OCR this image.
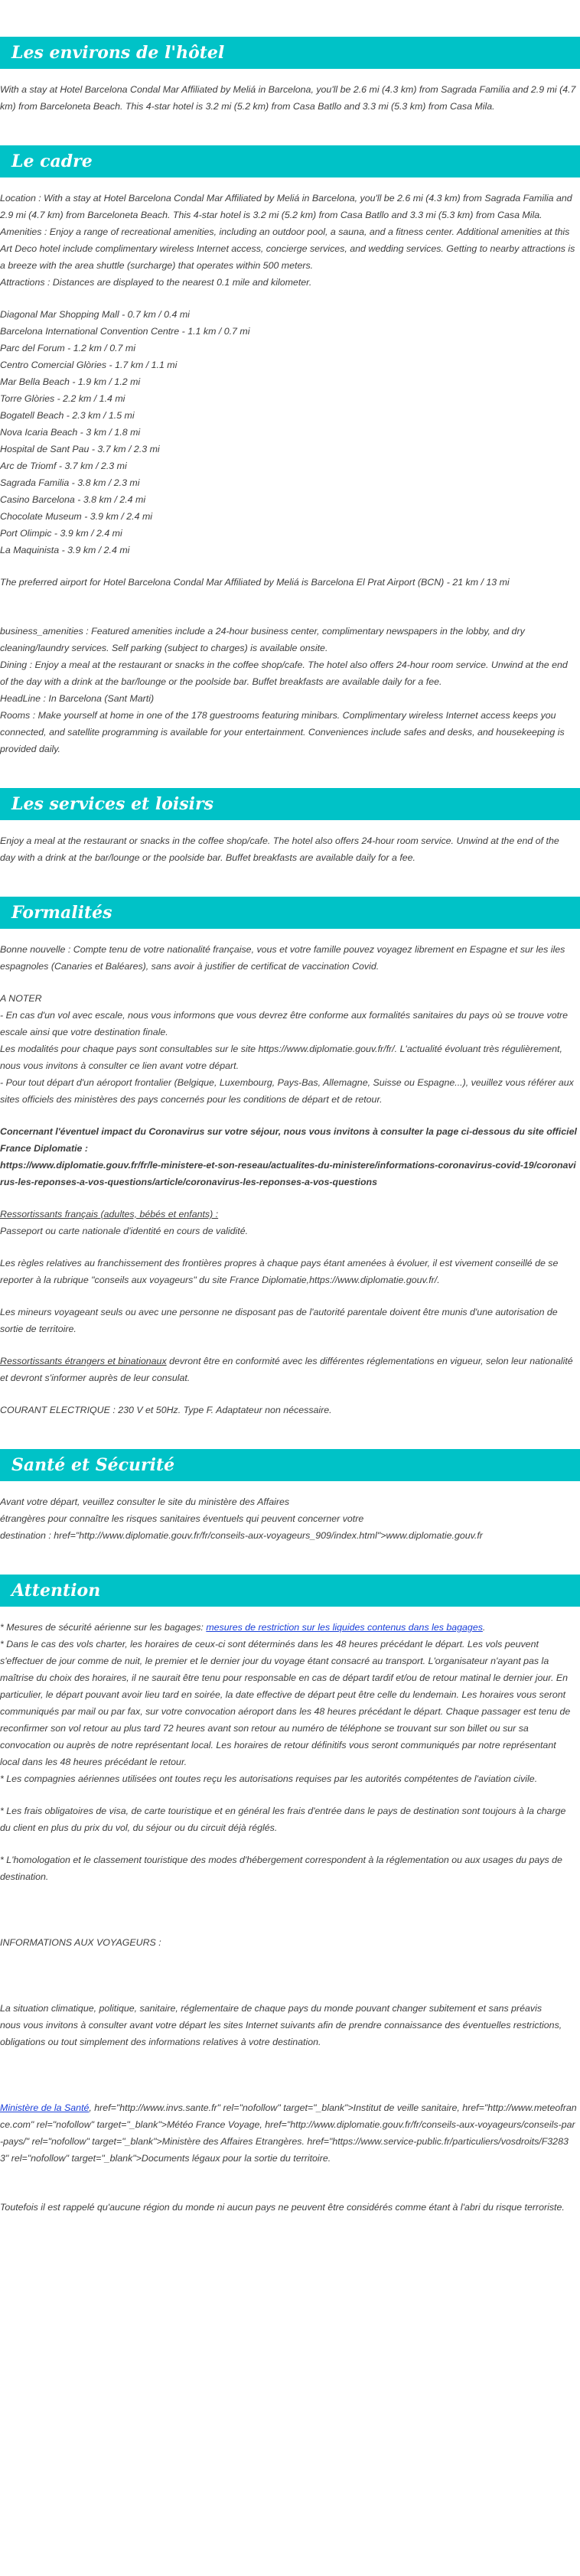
Les environs de l'hôtel

With a stay at Hotel Barcelona Condal Mar Affiliated by Meliá in Barcelona, you'll be 2.6 mi (4.3 km) from Sagrada Familia and 2.9 mi (4.7 km) from Barceloneta Beach. This 4-star hotel is 3.2 mi (5.2 km) from Casa Batllo and 3.3 mi (5.3 km) from Casa Mila.

Le cadre

Location : With a stay at Hotel Barcelona Condal Mar Affiliated by Meliá in Barcelona, you'll be 2.6 mi (4.3 km) from Sagrada Familia and 2.9 mi (4.7 km) from Barceloneta Beach. This 4-star hotel is 3.2 mi (5.2 km) from Casa Batllo and 3.3 mi (5.3 km) from Casa Mila.

Amenities : Enjoy a range of recreational amenities, including an outdoor pool, a sauna, and a fitness center. Additional amenities at this Art Deco hotel include complimentary wireless Internet access, concierge services, and wedding services. Getting to nearby attractions is a breeze with the area shuttle (surcharge) that operates within 500 meters.

Attractions : Distances are displayed to the nearest 0.1 mile and kilometer.

Diagonal Mar Shopping Mall - 0.7 km / 0.4 mi
Barcelona International Convention Centre - 1.1 km / 0.7 mi
Parc del Forum - 1.2 km / 0.7 mi
Centro Comercial Glòries - 1.7 km / 1.1 mi
Mar Bella Beach - 1.9 km / 1.2 mi
Torre Glòries - 2.2 km / 1.4 mi
Bogatell Beach - 2.3 km / 1.5 mi
Nova Icaria Beach - 3 km / 1.8 mi
Hospital de Sant Pau - 3.7 km / 2.3 mi
Arc de Triomf - 3.7 km / 2.3 mi
Sagrada Familia - 3.8 km / 2.3 mi
Casino Barcelona - 3.8 km / 2.4 mi
Chocolate Museum - 3.9 km / 2.4 mi
Port Olimpic - 3.9 km / 2.4 mi
La Maquinista - 3.9 km / 2.4 mi

The preferred airport for Hotel Barcelona Condal Mar Affiliated by Meliá is Barcelona El Prat Airport (BCN) - 21 km / 13 mi

business_amenities : Featured amenities include a 24-hour business center, complimentary newspapers in the lobby, and dry cleaning/laundry services. Self parking (subject to charges) is available onsite.

Dining : Enjoy a meal at the restaurant or snacks in the coffee shop/cafe. The hotel also offers 24-hour room service. Unwind at the end of the day with a drink at the bar/lounge or the poolside bar. Buffet breakfasts are available daily for a fee.

HeadLine : In Barcelona (Sant Marti)

Rooms : Make yourself at home in one of the 178 guestrooms featuring minibars. Complimentary wireless Internet access keeps you connected, and satellite programming is available for your entertainment. Conveniences include safes and desks, and housekeeping is provided daily.

Les services et loisirs

Enjoy a meal at the restaurant or snacks in the coffee shop/cafe. The hotel also offers 24-hour room service. Unwind at the end of the day with a drink at the bar/lounge or the poolside bar. Buffet breakfasts are available daily for a fee.

Formalités

Bonne nouvelle : Compte tenu de votre nationalité française, vous et votre famille pouvez voyagez librement en Espagne et sur les iles espagnoles (Canaries et Baléares), sans avoir à justifier de certificat de vaccination Covid.

A NOTER

- En cas d'un vol avec escale, nous vous informons que vous devrez être conforme aux formalités sanitaires du pays où se trouve votre escale ainsi que votre destination finale.

Les modalités pour chaque pays sont consultables sur le site https://www.diplomatie.gouv.fr/fr/. L'actualité évoluant très régulièrement, nous vous invitons à consulter ce lien avant votre départ.

- Pour tout départ d'un aéroport frontalier (Belgique, Luxembourg, Pays-Bas, Allemagne, Suisse ou Espagne...), veuillez vous référer aux sites officiels des ministères des pays concernés pour les conditions de départ et de retour.

Concernant l'éventuel impact du Coronavirus sur votre séjour, nous vous invitons à consulter la page ci-dessous du site officiel France Diplomatie :

https://www.diplomatie.gouv.fr/fr/le-ministere-et-son-reseau/actualites-du-ministere/informations-coronavirus-covid-19/coronavirus-les-reponses-a-vos-questions/article/coronavirus-les-reponses-a-vos-questions

Ressortissants français (adultes, bébés et enfants) :

Passeport ou carte nationale d'identité en cours de validité.

Les règles relatives au franchissement des frontières propres à chaque pays étant amenées à évoluer, il est vivement conseillé de se reporter à la rubrique "conseils aux voyageurs" du site France Diplomatie,https://www.diplomatie.gouv.fr/.

Les mineurs voyageant seuls ou avec une personne ne disposant pas de l'autorité parentale doivent être munis d'une autorisation de sortie de territoire.

Ressortissants étrangers et binationaux devront être en conformité avec les différentes réglementations en vigueur, selon leur nationalité et devront s'informer auprès de leur consulat.

COURANT ELECTRIQUE : 230 V et 50Hz. Type F. Adaptateur non nécessaire.

Santé et Sécurité

Avant votre départ, veuillez consulter le site du ministère des Affaires
étrangères pour connaître les risques sanitaires éventuels qui peuvent concerner votre
destination : href="http://www.diplomatie.gouv.fr/fr/conseils-aux-voyageurs_909/index.html">www.diplomatie.gouv.fr

Attention

* Mesures de sécurité aérienne sur les bagages: mesures de restriction sur les liquides contenus dans les bagages.

* Dans le cas des vols charter, les horaires de ceux-ci sont déterminés dans les 48 heures précédant le départ. Les vols peuvent s'effectuer de jour comme de nuit, le premier et le dernier jour du voyage étant consacré au transport. L'organisateur n'ayant pas la maîtrise du choix des horaires, il ne saurait être tenu pour responsable en cas de départ tardif et/ou de retour matinal le dernier jour. En particulier, le départ pouvant avoir lieu tard en soirée, la date effective de départ peut être celle du lendemain. Les horaires vous seront communiqués par mail ou par fax, sur votre convocation aéroport dans les 48 heures précédant le départ. Chaque passager est tenu de reconfirmer son vol retour au plus tard 72 heures avant son retour au numéro de téléphone se trouvant sur son billet ou sur sa convocation ou auprès de notre représentant local. Les horaires de retour définitifs vous seront communiqués par notre représentant local dans les 48 heures précédant le retour.

* Les compagnies aériennes utilisées ont toutes reçu les autorisations requises par les autorités compétentes de l'aviation civile.

* Les frais obligatoires de visa, de carte touristique et en général les frais d'entrée dans le pays de destination sont toujours à la charge du client en plus du prix du vol, du séjour ou du circuit déjà réglés.

* L'homologation et le classement touristique des modes d'hébergement correspondent à la réglementation ou aux usages du pays de destination.

INFORMATIONS AUX VOYAGEURS :

La situation climatique, politique, sanitaire, réglementaire de chaque pays du monde pouvant changer subitement et sans préavis

nous vous invitons à consulter avant votre départ les sites Internet suivants afin de prendre connaissance des éventuelles restrictions, obligations ou tout simplement des informations relatives à votre destination.

Ministère de la Santé, href="http://www.invs.sante.fr" rel="nofollow" target="_blank">Institut de veille sanitaire, href="http://www.meteofrance.com" rel="nofollow" target="_blank">Météo France Voyage, href="http://www.diplomatie.gouv.fr/fr/conseils-aux-voyageurs/conseils-par-pays/" rel="nofollow" target="_blank">Ministère des Affaires Etrangères. href="https://www.service-public.fr/particuliers/vosdroits/F32833" rel="nofollow" target="_blank">Documents légaux pour la sortie du territoire.

Toutefois il est rappelé qu'aucune région du monde ni aucun pays ne peuvent être considérés comme étant à l'abri du risque terroriste.
